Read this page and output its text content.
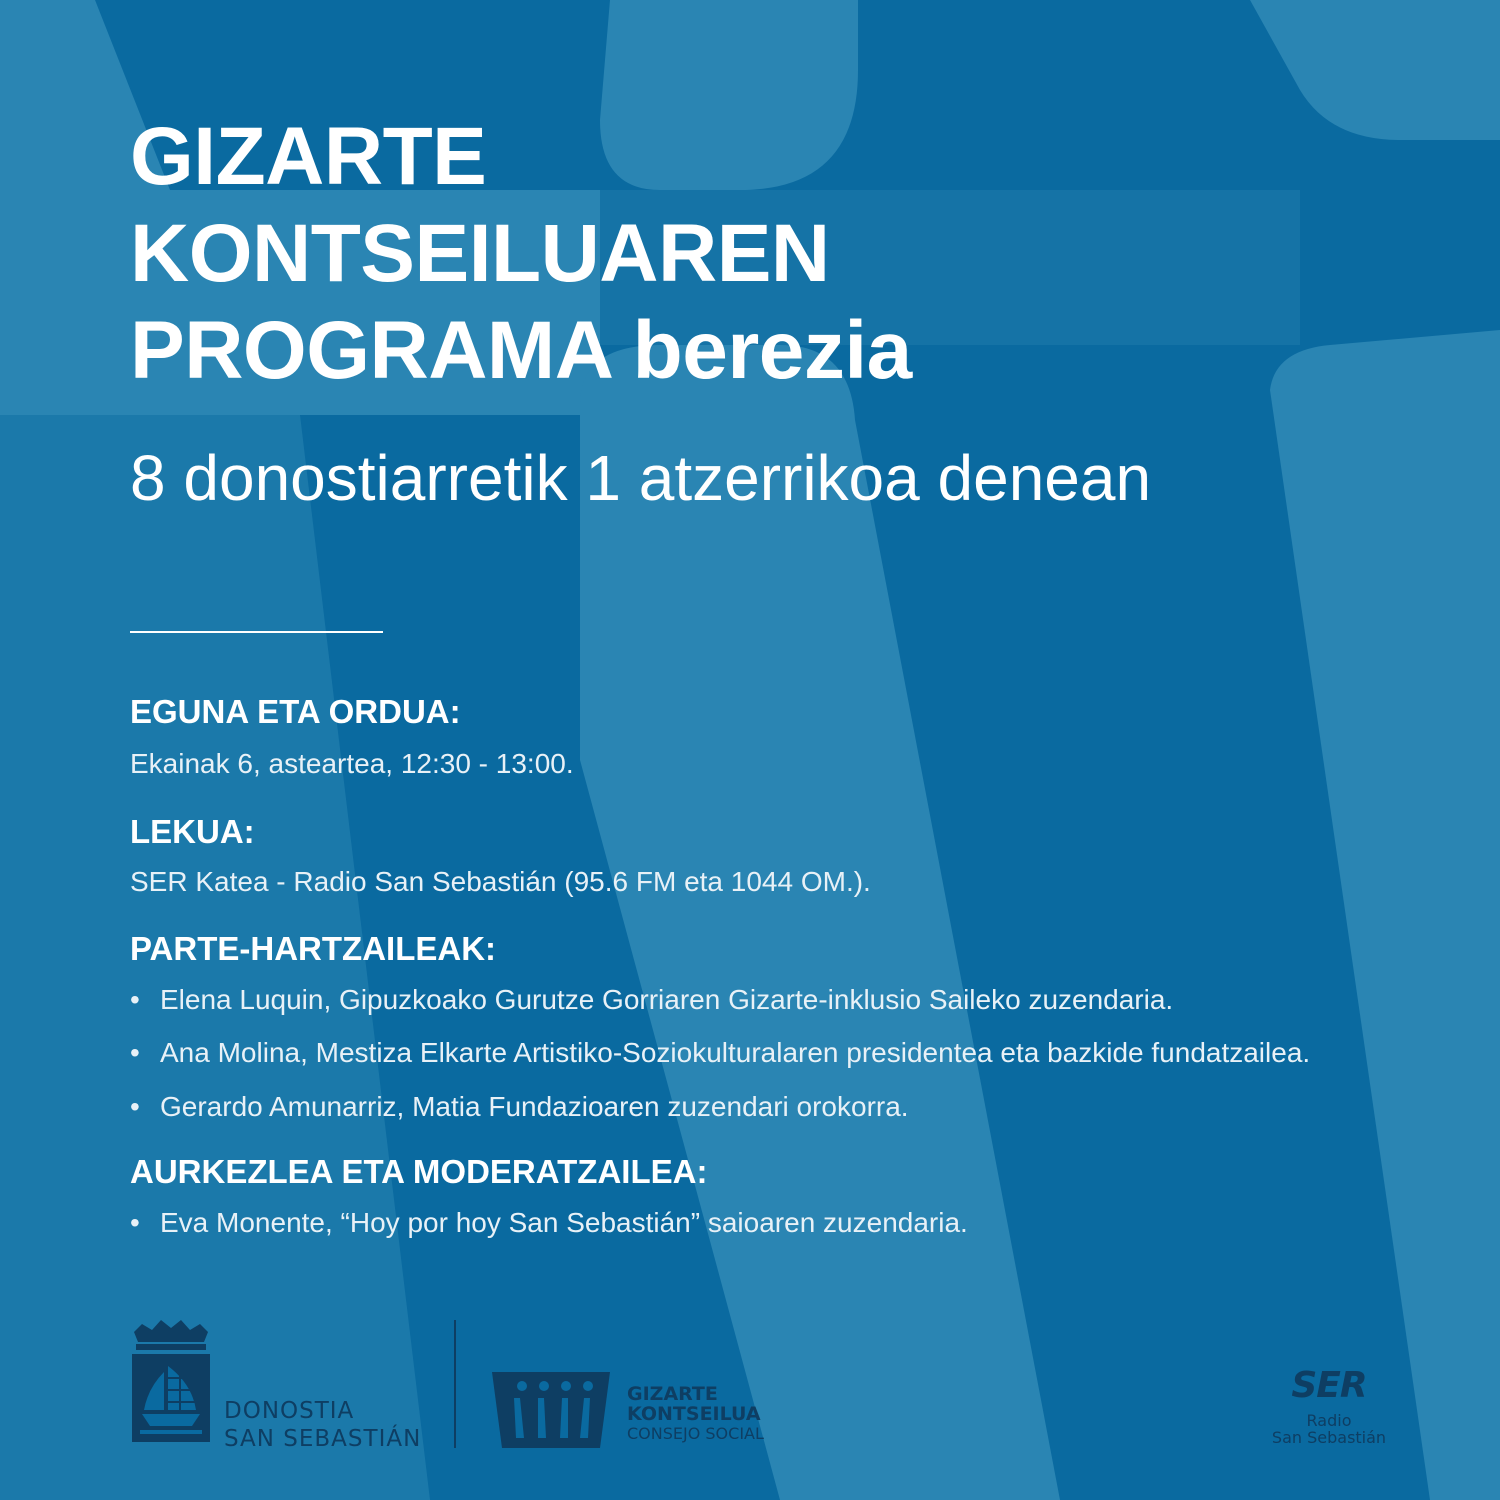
GIZARTE
KONTSEILUAREN
PROGRAMA berezia

8 donostiarretik 1 atzerrikoa denean

EGUNA ETA ORDUA:
Ekainak 6, asteartea, 12:30 - 13:00.
LEKUA:
SER Katea - Radio San Sebastián (95.6 FM eta 1044 OM.).
PARTE-HARTZAILEAK:
• Elena Luquin, Gipuzkoako Gurutze Gorriaren Gizarte-inklusio Saileko zuzendaria.
• Ana Molina, Mestiza Elkarte Artistiko-Soziokulturalaren presidentea eta bazkide fundatzailea.
• Gerardo Amunarriz, Matia Fundazioaren zuzendari orokorra.
AURKEZLEA ETA MODERATZAILEA:
• Eva Monente, “Hoy por hoy San Sebastián” saioaren zuzendaria.
DONOSTIA
SAN SEBASTIÁN
GIZARTE
KONTSEILUA
CONSEJO SOCIAL
SER
Radio
San Sebastián
